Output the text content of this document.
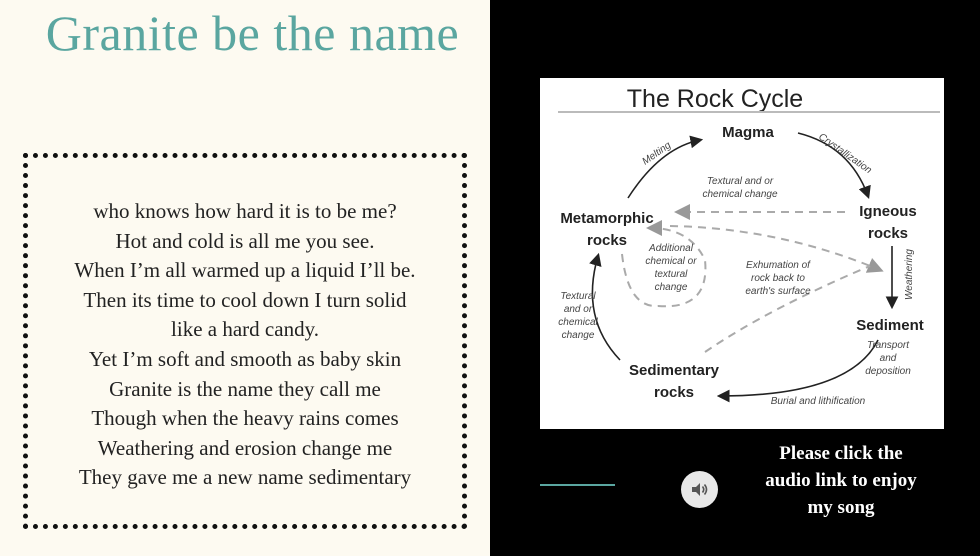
Granite be the name
who knows how hard it is to be me?
Hot and cold is all me you see.
When I’m all warmed up a liquid I’ll be.
Then its time to cool down I turn solid
like a hard candy.
Yet I’m soft and smooth as baby skin
Granite is the name they call me
Though when the heavy rains comes
Weathering and erosion change me
They gave me a new name sedimentary
The Rock Cycle
Magma
Igneous
rocks
Metamorphic
rocks
Sediment
Sedimentary
rocks
Melting	Crystallization
Weathering
Textural and or
chemical change
Additional
chemical or
textural
change
Exhumation of
rock back to
earth's surface
Textural
and or
chemical
change
Transport
and
deposition
Burial and lithification
Please click the
audio link to enjoy
my song
